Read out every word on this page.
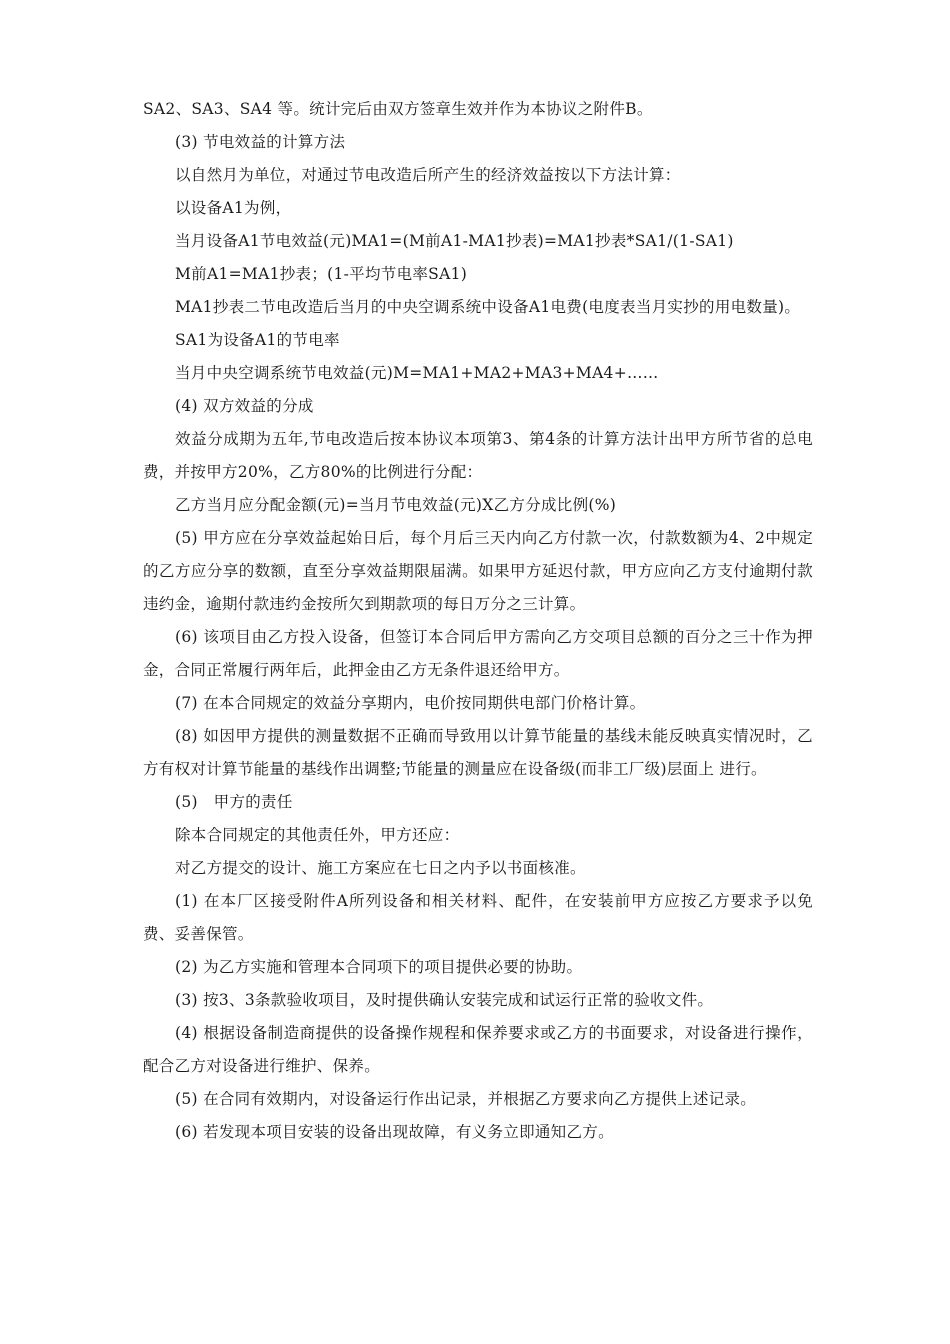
SA2、SA3、SA4 等。统计完后由双方签章生效并作为本协议之附件B。

(3) 节电效益的计算方法

以自然月为单位，对通过节电改造后所产生的经济效益按以下方法计算：

以设备A1为例，

当月设备A1节电效益(元)MA1=(M前A1-MA1抄表)=MA1抄表*SA1/(1-SA1)

M前A1=MA1抄表；(1-平均节电率SA1)

MA1抄表二节电改造后当月的中央空调系统中设备A1电费(电度表当月实抄的用电数量)。

SA1为设备A1的节电率

当月中央空调系统节电效益(元)M=MA1+MA2+MA3+MA4+……

(4) 双方效益的分成

效益分成期为五年,节电改造后按本协议本项第3、第4条的计算方法计出甲方所节省的总电费，并按甲方20%，乙方80%的比例进行分配：

乙方当月应分配金额(元)=当月节电效益(元)X乙方分成比例(%)

(5) 甲方应在分享效益起始日后，每个月后三天内向乙方付款一次，付款数额为4、2中规定的乙方应分享的数额，直至分享效益期限届满。如果甲方延迟付款，甲方应向乙方支付逾期付款违约金，逾期付款违约金按所欠到期款项的每日万分之三计算。

(6) 该项目由乙方投入设备，但签订本合同后甲方需向乙方交项目总额的百分之三十作为押金，合同正常履行两年后，此押金由乙方无条件退还给甲方。

(7) 在本合同规定的效益分享期内，电价按同期供电部门价格计算。

(8) 如因甲方提供的测量数据不正确而导致用以计算节能量的基线未能反映真实情况时，乙方有权对计算节能量的基线作出调整;节能量的测量应在设备级(而非工厂级)层面上 进行。

(5)　甲方的责任

除本合同规定的其他责任外，甲方还应：

对乙方提交的设计、施工方案应在七日之内予以书面核准。

(1) 在本厂区接受附件A所列设备和相关材料、配件，在安装前甲方应按乙方要求予以免费、妥善保管。

(2) 为乙方实施和管理本合同项下的项目提供必要的协助。

(3) 按3、3条款验收项目，及时提供确认安装完成和试运行正常的验收文件。

(4) 根据设备制造商提供的设备操作规程和保养要求或乙方的书面要求，对设备进行操作，配合乙方对设备进行维护、保养。

(5) 在合同有效期内，对设备运行作出记录，并根据乙方要求向乙方提供上述记录。

(6) 若发现本项目安装的设备出现故障，有义务立即通知乙方。
